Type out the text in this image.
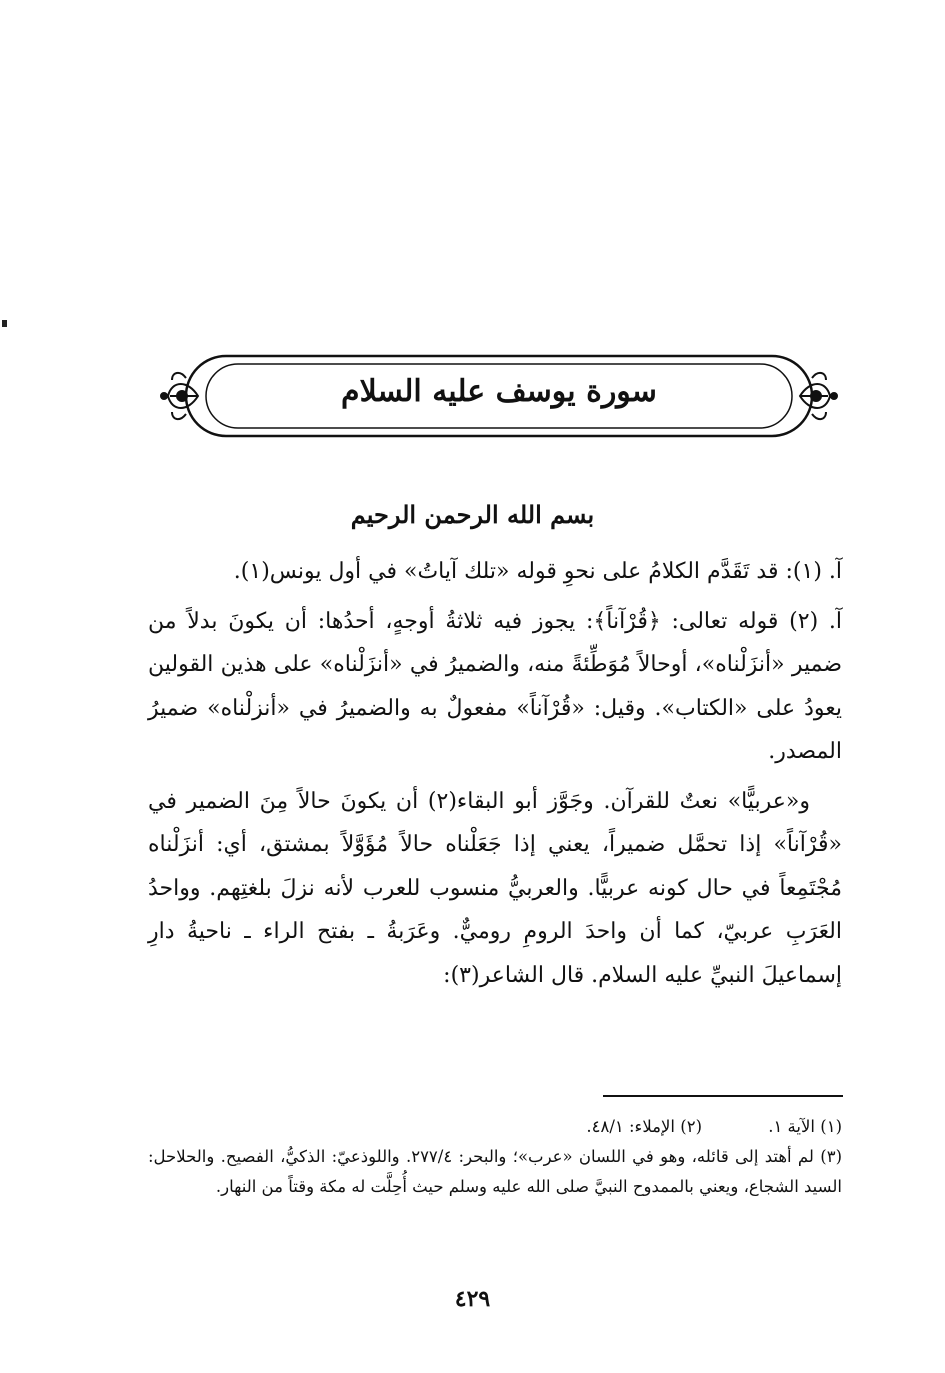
سورة يوسف عليه السلام
بسم الله الرحمن الرحيم

آ. (١): قد تَقَدَّم الكلامُ على نحوِ قوله «تلك آياتُ» في أول يونس(١).

آ. (٢) قوله تعالى: ﴿قُرْآناً﴾: يجوز فيه ثلاثةُ أوجهٍ، أحدُها: أن يكونَ بدلاً من ضمير «أنزَلْناه»، أوحالاً مُوَطِّئةً منه، والضميرُ في «أنزَلْناه» على هذين القولين يعودُ على «الكتاب». وقيل: «قُرْآناً» مفعولٌ به والضميرُ في «أنزلْناه» ضميرُ المصدر.

و«عربيًّا» نعتٌ للقرآن. وجَوَّز أبو البقاء(٢) أن يكونَ حالاً مِنَ الضمير في «قُرْآناً» إذا تحمَّل ضميراً، يعني إذا جَعَلْناه حالاً مُؤَوَّلاً بمشتق، أي: أنزَلْناه مُجْتَمِعاً في حال كونه عربيًّا. والعربيُّ منسوب للعرب لأنه نزلَ بلغتِهم. وواحدُ العَرَبِ عربيّ، كما أن واحدَ الرومِ روميٌّ. وعَرَبةُ ـ بفتح الراء ـ ناحيةُ دارِ إسماعيلَ النبيِّ عليه السلام. قال الشاعر(٣):

(١) الآية ١.
(٢) الإملاء: ٤٨/١.
(٣) لم أهتد إلى قائله، وهو في اللسان «عرب»؛ والبحر: ٢٧٧/٤. واللوذعيّ: الذكيُّ، الفصيح. والحلاحل: السيد الشجاع، ويعني بالممدوح النبيَّ صلى الله عليه وسلم حيث أُحِلَّت له مكة وقتاً من النهار.
٤٢٩
